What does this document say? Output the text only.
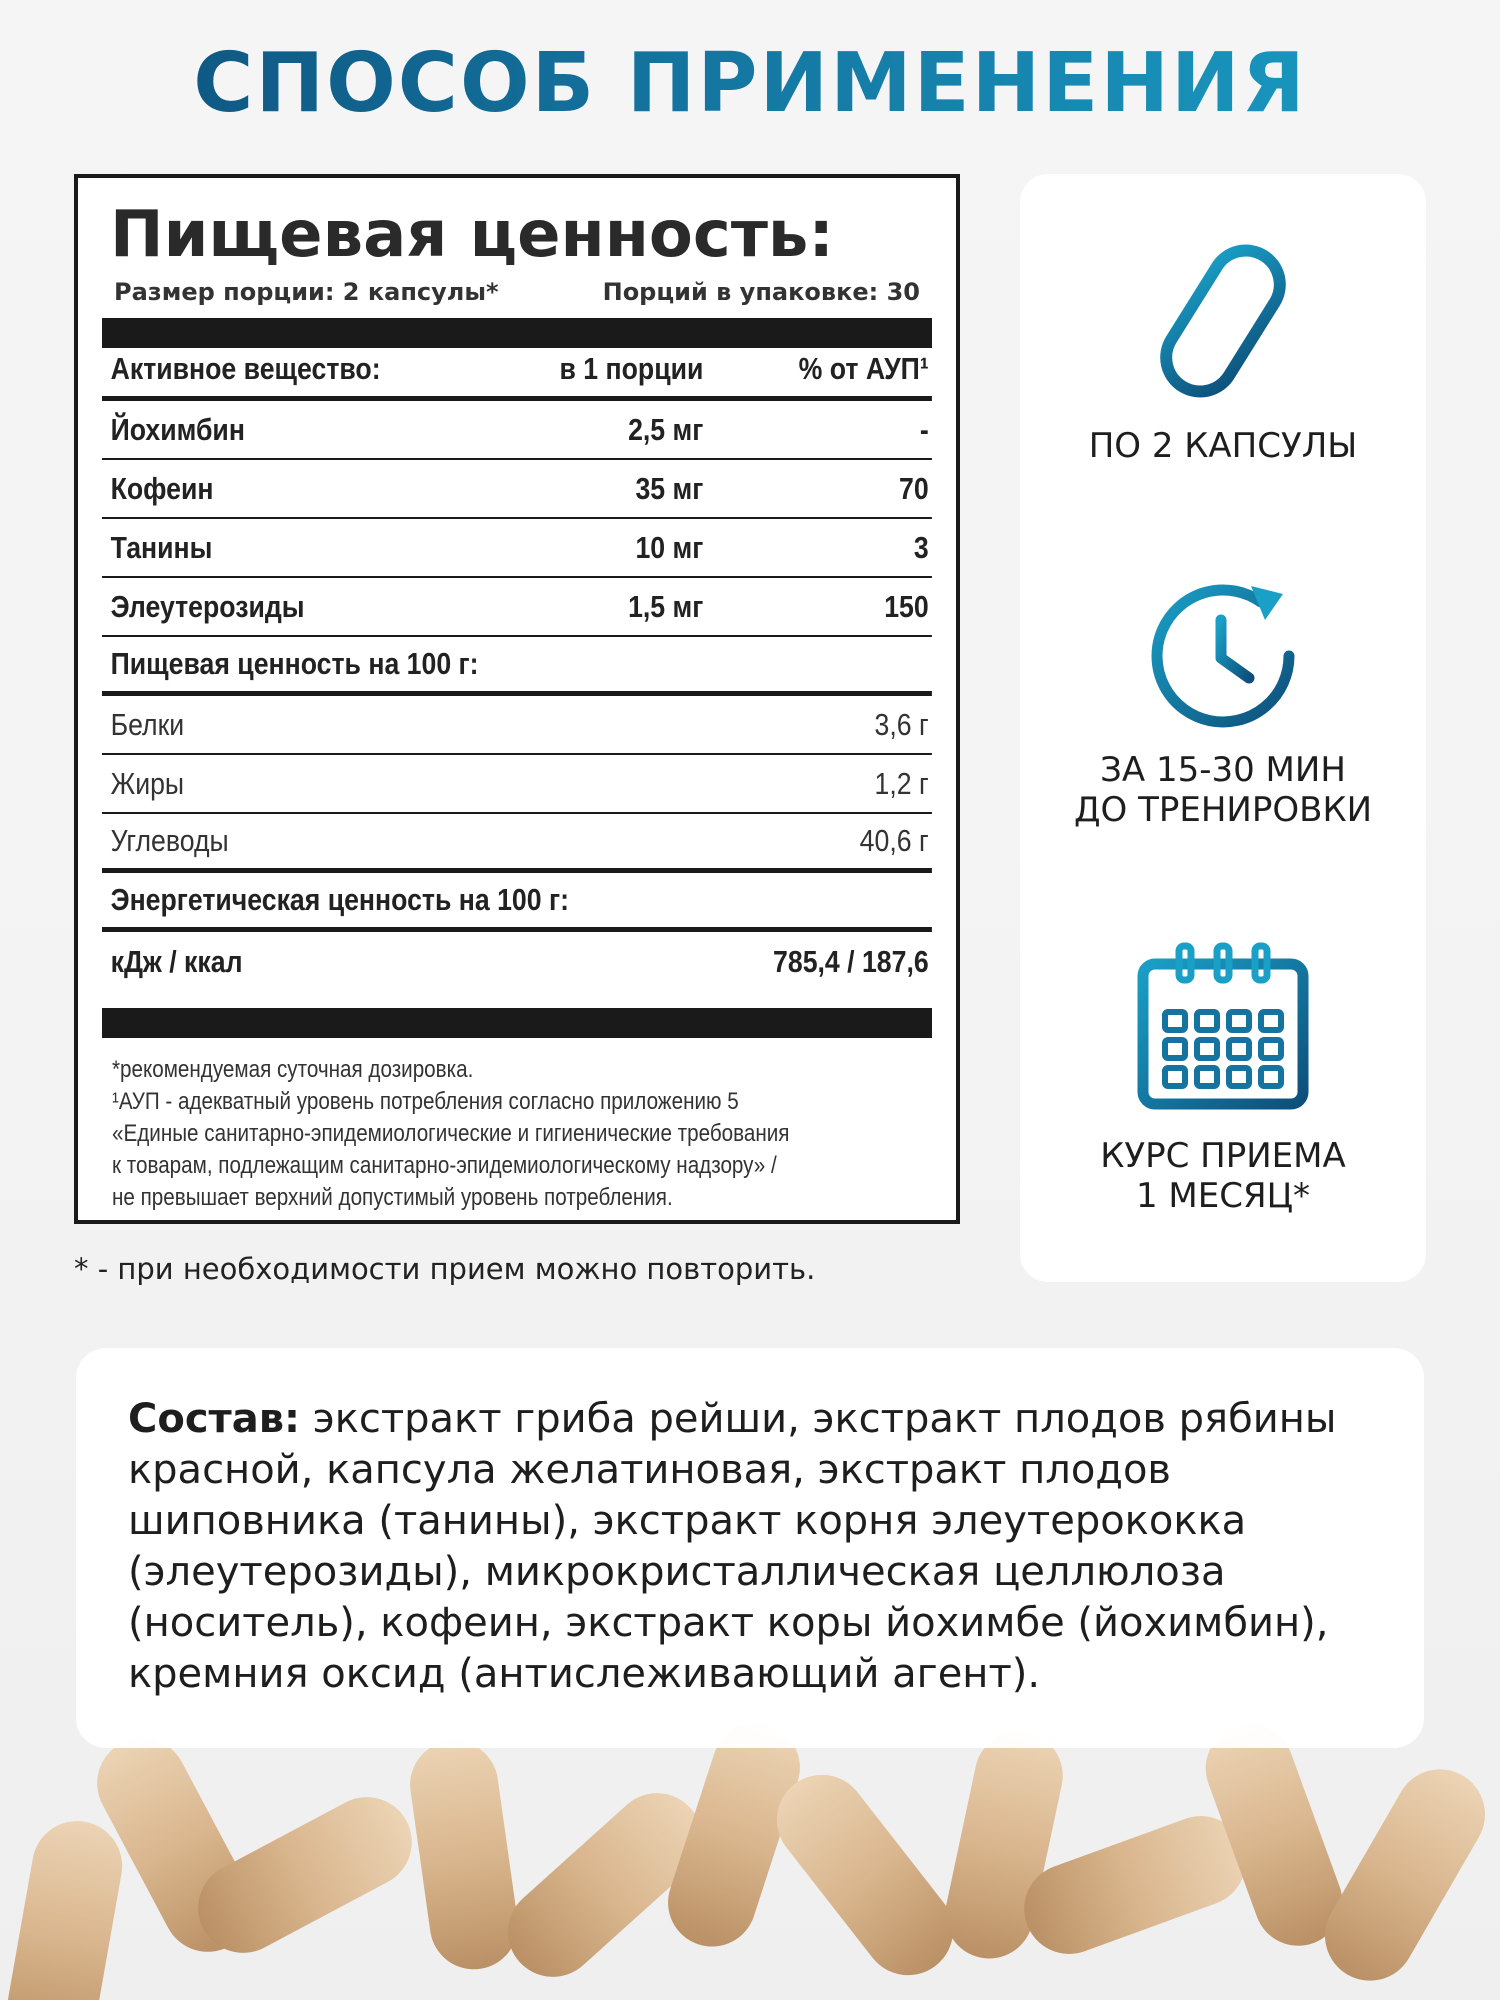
СПОСОБ ПРИМЕНЕНИЯ
Пищевая ценность:
Размер порции: 2 капсулы*	Порций в упаковке: 30
Активное вещество:	в 1 порции	% от АУП¹
Йохимбин	2,5 мг	-
Кофеин	35 мг	70
Танины	10 мг	3
Элеутерозиды	1,5 мг	150
Пищевая ценность на 100 г:
Белки	3,6 г
Жиры	1,2 г
Углеводы	40,6 г
Энергетическая ценность на 100 г:
кДж / ккал	785,4 / 187,6

*рекомендуемая суточная дозировка.

¹АУП - адекватный уровень потребления согласно приложению 5

«Единые санитарно-эпидемиологические и гигиенические требования

к товарам, подлежащим санитарно-эпидемиологическому надзору» /

не превышает верхний допустимый уровень потребления.

* - при необходимости прием можно повторить.

ПО 2 КАПСУЛЫ

ЗА 15-30 МИН
ДО ТРЕНИРОВКИ

КУРС ПРИЕМА
1 МЕСЯЦ*

Состав: экстракт гриба рейши, экстракт плодов рябины красной, капсула желатиновая, экстракт плодов шиповника (танины), экстракт корня элеутерококка (элеутерозиды), микрокристаллическая целлюлоза (носитель), кофеин, экстракт коры йохимбе (йохимбин), кремния оксид (антислеживающий агент).
